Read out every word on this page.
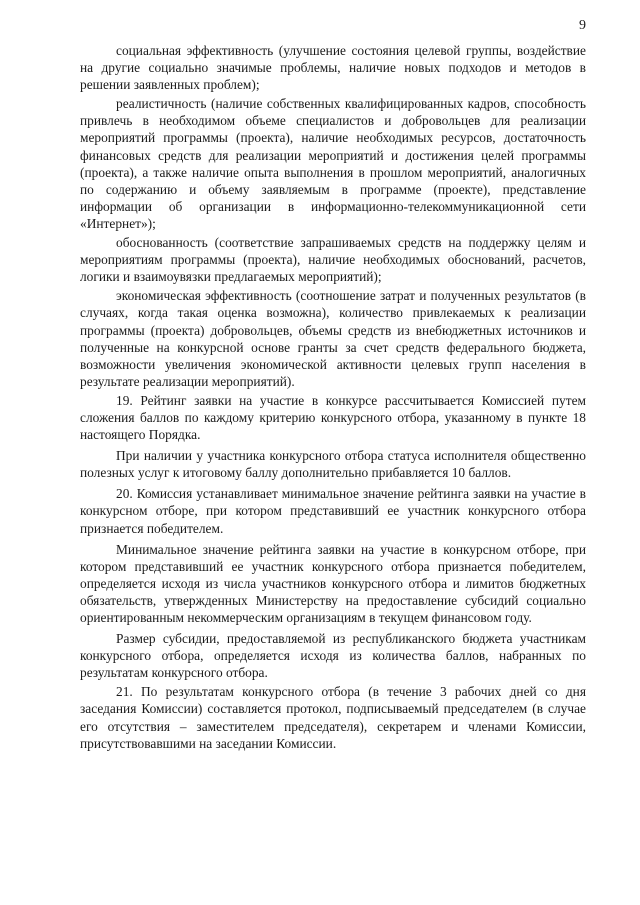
9

социальная эффективность (улучшение состояния целевой группы, воздействие на другие социально значимые проблемы, наличие новых подходов и методов в решении заявленных проблем);

реалистичность (наличие собственных квалифицированных кадров, способность привлечь в необходимом объеме специалистов и добровольцев для реализации мероприятий программы (проекта), наличие необходимых ресурсов, достаточность финансовых средств для реализации мероприятий и достижения целей программы (проекта), а также наличие опыта выполнения в прошлом мероприятий, аналогичных по содержанию и объему заявляемым в программе (проекте), представление информации об организации в информационно-телекоммуникационной сети «Интернет»);

обоснованность (соответствие запрашиваемых средств на поддержку целям и мероприятиям программы (проекта), наличие необходимых обоснований, расчетов, логики и взаимоувязки предлагаемых мероприятий);

экономическая эффективность (соотношение затрат и полученных результатов (в случаях, когда такая оценка возможна), количество привлекаемых к реализации программы (проекта) добровольцев, объемы средств из внебюджетных источников и полученные на конкурсной основе гранты за счет средств федерального бюджета, возможности увеличения экономической активности целевых групп населения в результате реализации мероприятий).

19. Рейтинг заявки на участие в конкурсе рассчитывается Комиссией путем сложения баллов по каждому критерию конкурсного отбора, указанному в пункте 18 настоящего Порядка.

При наличии у участника конкурсного отбора статуса исполнителя общественно полезных услуг к итоговому баллу дополнительно прибавляется 10 баллов.

20. Комиссия устанавливает минимальное значение рейтинга заявки на участие в конкурсном отборе, при котором представивший ее участник конкурсного отбора признается победителем.

Минимальное значение рейтинга заявки на участие в конкурсном отборе, при котором представивший ее участник конкурсного отбора признается победителем, определяется исходя из числа участников конкурсного отбора и лимитов бюджетных обязательств, утвержденных Министерству на предоставление субсидий социально ориентированным некоммерческим организациям в текущем финансовом году.

Размер субсидии, предоставляемой из республиканского бюджета участникам конкурсного отбора, определяется исходя из количества баллов, набранных по результатам конкурсного отбора.

21. По результатам конкурсного отбора (в течение 3 рабочих дней со дня заседания Комиссии) составляется протокол, подписываемый председателем (в случае его отсутствия – заместителем председателя), секретарем и членами Комиссии, присутствовавшими на заседании Комиссии.
